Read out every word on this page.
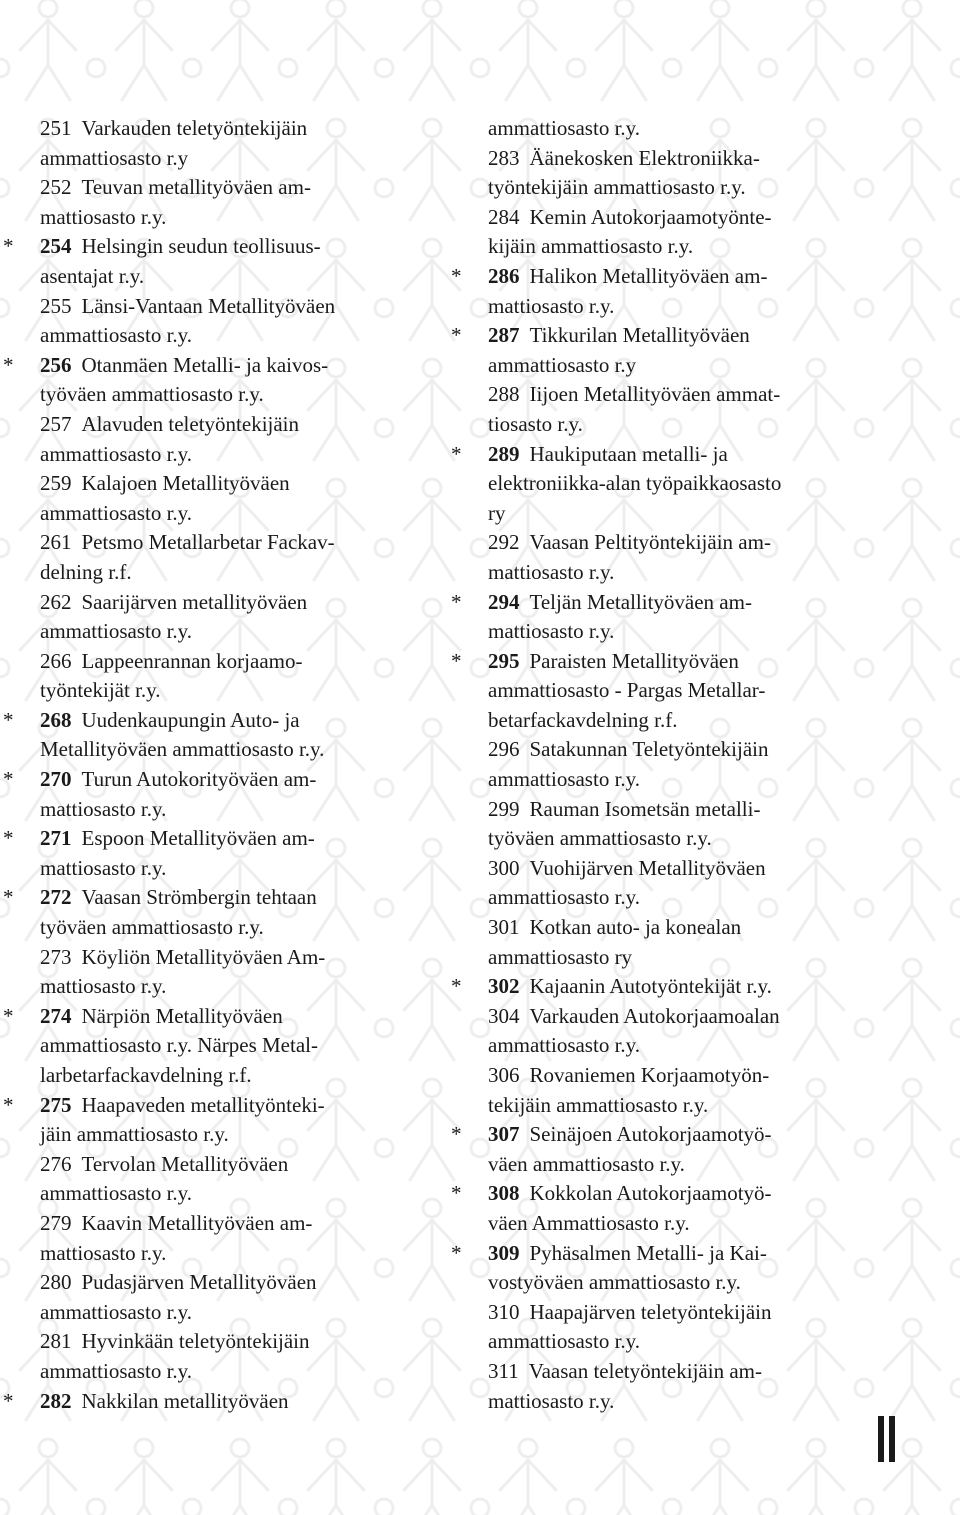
251 Varkauden teletyöntekijäin
ammattiosasto r.y
252 Teuvan metallityöväen am-
mattiosasto r.y.
* 254 Helsingin seudun teollisuus-
asentajat r.y.
255 Länsi-Vantaan Metallityöväen
ammattiosasto r.y.
* 256 Otanmäen Metalli- ja kaivos-
työväen ammattiosasto r.y.
257 Alavuden teletyöntekijäin
ammattiosasto r.y.
259 Kalajoen Metallityöväen
ammattiosasto r.y.
261 Petsmo Metallarbetar Fackav-
delning r.f.
262 Saarijärven metallityöväen
ammattiosasto r.y.
266 Lappeenrannan korjaamo-
työntekijät r.y.
* 268 Uudenkaupungin Auto- ja
Metallityöväen ammattiosasto r.y.
* 270 Turun Autokorityöväen am-
mattiosasto r.y.
* 271 Espoon Metallityöväen am-
mattiosasto r.y.
* 272 Vaasan Strömbergin tehtaan
työväen ammattiosasto r.y.
273 Köyliön Metallityöväen Am-
mattiosasto r.y.
* 274 Närpiön Metallityöväen
ammattiosasto r.y. Närpes Metal-
larbetarfackavdelning r.f.
* 275 Haapaveden metallityönteki-
jäin ammattiosasto r.y.
276 Tervolan Metallityöväen
ammattiosasto r.y.
279 Kaavin Metallityöväen am-
mattiosasto r.y.
280 Pudasjärven Metallityöväen
ammattiosasto r.y.
281 Hyvinkään teletyöntekijäin
ammattiosasto r.y.
* 282 Nakkilan metallityöväen
ammattiosasto r.y.
283 Äänekosken Elektroniikka-
työntekijäin ammattiosasto r.y.
284 Kemin Autokorjaamotyönte-
kijäin ammattiosasto r.y.
* 286 Halikon Metallityöväen am-
mattiosasto r.y.
* 287 Tikkurilan Metallityöväen
ammattiosasto r.y
288 Iijoen Metallityöväen ammat-
tiosasto r.y.
* 289 Haukiputaan metalli- ja
elektroniikka-alan työpaikkaosasto
ry
292 Vaasan Peltityöntekijäin am-
mattiosasto r.y.
* 294 Teljän Metallityöväen am-
mattiosasto r.y.
* 295 Paraisten Metallityöväen
ammattiosasto - Pargas Metallar-
betarfackavdelning r.f.
296 Satakunnan Teletyöntekijäin
ammattiosasto r.y.
299 Rauman Isometsän metalli-
työväen ammattiosasto r.y.
300 Vuohijärven Metallityöväen
ammattiosasto r.y.
301 Kotkan auto- ja konealan
ammattiosasto ry
* 302 Kajaanin Autotyöntekijät r.y.
304 Varkauden Autokorjaamoalan
ammattiosasto r.y.
306 Rovaniemen Korjaamotyön-
tekijäin ammattiosasto r.y.
* 307 Seinäjoen Autokorjaamotyö-
väen ammattiosasto r.y.
* 308 Kokkolan Autokorjaamotyö-
väen Ammattiosasto r.y.
* 309 Pyhäsalmen Metalli- ja Kai-
vostyöväen ammattiosasto r.y.
310 Haapajärven teletyöntekijäin
ammattiosasto r.y.
311 Vaasan teletyöntekijäin am-
mattiosasto r.y.
